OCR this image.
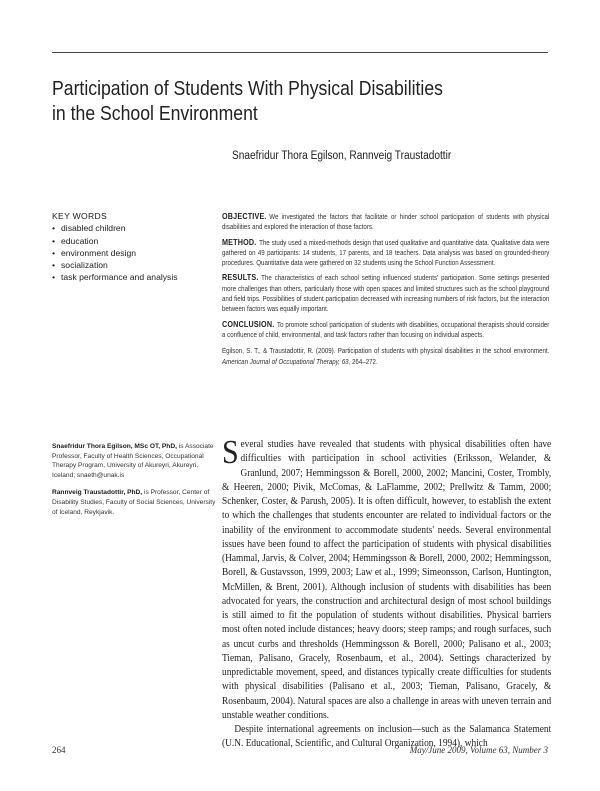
Participation of Students With Physical Disabilities
in the School Environment
Snaefridur Thora Egilson, Rannveig Traustadottir
KEY WORDS
• disabled children
• education
• environment design
• socialization
• task performance and analysis

OBJECTIVE. We investigated the factors that facilitate or hinder school participation of students with physical disabilities and explored the interaction of those factors.

METHOD. The study used a mixed-methods design that used qualitative and quantitative data. Qualitative data were gathered on 49 participants: 14 students, 17 parents, and 18 teachers. Data analysis was based on grounded-theory procedures. Quantitative data were gathered on 32 students using the School Function Assessment.

RESULTS. The characteristics of each school setting influenced students' participation. Some settings presented more challenges than others, particularly those with open spaces and limited structures such as the school playground and field trips. Possibilities of student participation decreased with increasing numbers of risk factors, but the interaction between factors was equally important.

CONCLUSION. To promote school participation of students with disabilities, occupational therapists should consider a confluence of child, environmental, and task factors rather than focusing on individual aspects.

Egilson, S. T., & Traustadottir, R. (2009). Participation of students with physical disabilities in the school environment. American Journal of Occupational Therapy, 63, 264–272.

Snaefridur Thora Egilson, MSc OT, PhD, is Associate Professor, Faculty of Health Sciences, Occupational Therapy Program, University of Akureyri, Akureyri, Iceland; snaeth@unak.is

Rannveig Traustadottir, PhD, is Professor, Center of Disability Studies, Faculty of Social Sciences, University of Iceland, Reykjavik.

Several studies have revealed that students with physical disabilities often have difficulties with participation in school activities (Eriksson, Welander, & Granlund, 2007; Hemmingsson & Borell, 2000, 2002; Mancini, Coster, Trombly, & Heeren, 2000; Pivik, McComas, & LaFlamme, 2002; Prellwitz & Tamm, 2000; Schenker, Coster, & Parush, 2005). It is often difficult, however, to establish the extent to which the challenges that students encounter are related to individual factors or the inability of the environment to accommodate students' needs. Several environmental issues have been found to affect the participation of students with physical disabilities (Hammal, Jarvis, & Colver, 2004; Hemmingsson & Borell, 2000, 2002; Hemmingsson, Borell, & Gustavsson, 1999, 2003; Law et al., 1999; Simeonsson, Carlson, Huntington, McMillen, & Brent, 2001). Although inclusion of students with disabilities has been advocated for years, the construction and architectural design of most school buildings is still aimed to fit the population of students without disabilities. Physical barriers most often noted include distances; heavy doors; steep ramps; and rough surfaces, such as uncut curbs and thresholds (Hemmingsson & Borell, 2000; Palisano et al., 2003; Tieman, Palisano, Gracely, Rosenbaum, et al., 2004). Settings characterized by unpredictable movement, speed, and distances typically create difficulties for students with physical disabilities (Palisano et al., 2003; Tieman, Palisano, Gracely, & Rosenbaum, 2004). Natural spaces are also a challenge in areas with uneven terrain and unstable weather conditions.

Despite international agreements on inclusion—such as the Salamanca Statement (U.N. Educational, Scientific, and Cultural Organization, 1994), which

264	May/June 2009, Volume 63, Number 3
